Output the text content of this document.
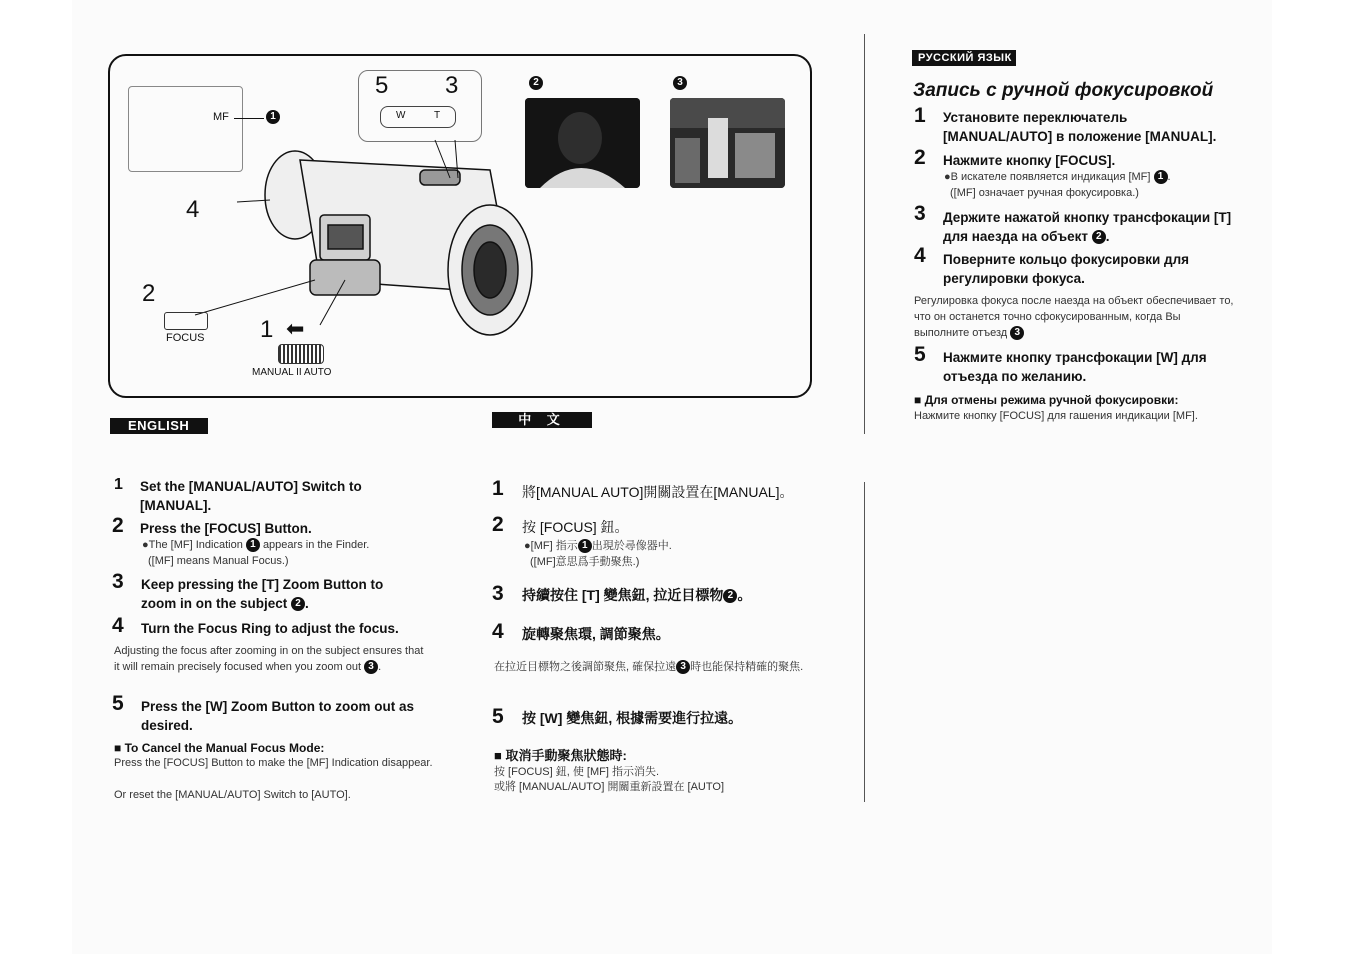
MF	1
5 3
W	T
2	3
4
2
FOCUS 1 ⬅
MANUAL II AUTO
ENGLISH
1 Set the [MANUAL/AUTO] Switch to [MANUAL].
2 Press the [FOCUS] Button.
●The [MF] Indication 1 appears in the Finder.
([MF] means Manual Focus.)
3 Keep pressing the [T] Zoom Button to zoom in on the subject 2 .
4 Turn the Focus Ring to adjust the focus.
Adjusting the focus after zooming in on the subject ensures that it will remain precisely focused when you zoom out 3 .
5 Press the [W] Zoom Button to zoom out as desired.
■ To Cancel the Manual Focus Mode:
Press the [FOCUS] Button to make the [MF] Indication disappear.
Or reset the [MANUAL/AUTO] Switch to [AUTO].
中 文
1 將[MANUAL AUTO]開關設置在[MANUAL]。
2 按 [FOCUS] 鈕。
●[MF] 指示 1 出現於尋像器中.
([MF]意思爲手動聚焦.)
3 持續按住 [T] 變焦鈕, 拉近目標物 2 。
4 旋轉聚焦環, 調節聚焦。
在拉近目標物之後調節聚焦, 確保拉遠 3 時也能保持精確的聚焦.
5 按 [W] 變焦鈕, 根據需要進行拉遠。
■ 取消手動聚焦狀態時:
按 [FOCUS] 鈕, 使 [MF] 指示消失.
或將 [MANUAL/AUTO] 開關重新設置在 [AUTO]
РУССКИЙ ЯЗЫК
Запись с ручной фокусировкой
1 Установите переключатель [MANUAL/AUTO] в положение [MANUAL].
2 Нажмите кнопку [FOCUS].
●В искателе появляется индикация [MF] 1 .
([MF] означает ручная фокусировка.)
3 Держите нажатой кнопку трансфокации [T] для наезда на объект 2 .
4 Поверните кольцо фокусировки для регулировки фокуса.
Регулировка фокуса после наезда на объект обеспечивает то, что он останется точно сфокусированным, когда Вы выполните отъезд 3
5 Нажмите кнопку трансфокации [W] для отъезда по желанию.
■ Для отмены режима ручной фокусировки:
Нажмите кнопку [FOCUS] для гашения индикации [MF].
